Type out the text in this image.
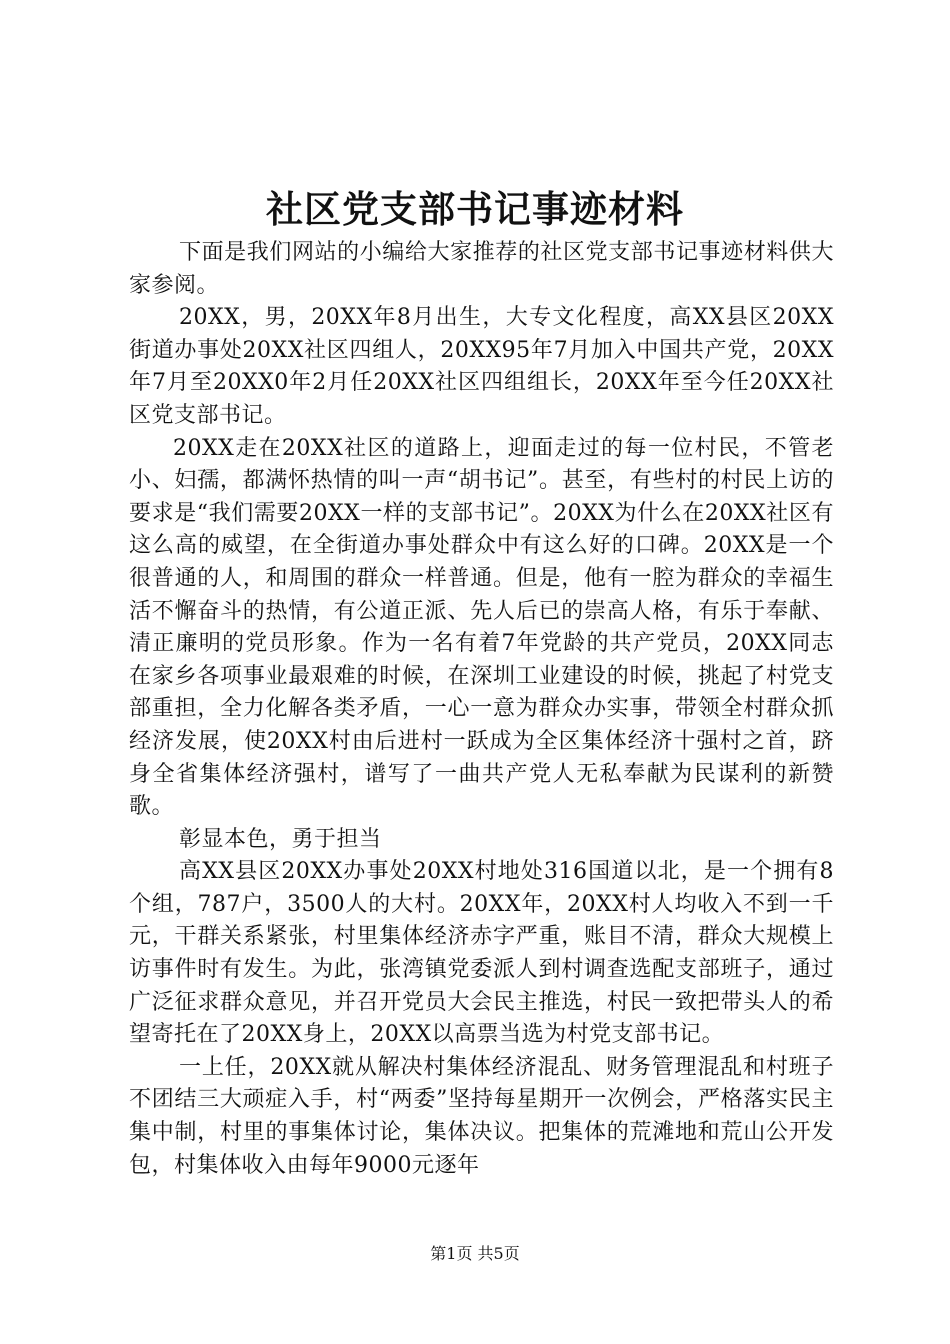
社区党支部书记事迹材料

下面是我们网站的小编给大家推荐的社区党支部书记事迹材料供大家参阅。

20XX，男，20XX年8月出生，大专文化程度，高XX县区20XX街道办事处20XX社区四组人，20XX95年7月加入中国共产党，20XX年7月至20XX0年2月任20XX社区四组组长，20XX年至今任20XX社区党支部书记。

20XX走在20XX社区的道路上，迎面走过的每一位村民，不管老小、妇孺，都满怀热情的叫一声“胡书记”。甚至，有些村的村民上访的要求是“我们需要20XX一样的支部书记”。20XX为什么在20XX社区有这么高的威望，在全街道办事处群众中有这么好的口碑。20XX是一个很普通的人，和周围的群众一样普通。但是，他有一腔为群众的幸福生活不懈奋斗的热情，有公道正派、先人后已的崇高人格，有乐于奉献、清正廉明的党员形象。作为一名有着7年党龄的共产党员，20XX同志在家乡各项事业最艰难的时候，在深圳工业建设的时候，挑起了村党支部重担，全力化解各类矛盾，一心一意为群众办实事，带领全村群众抓经济发展，使20XX村由后进村一跃成为全区集体经济十强村之首，跻身全省集体经济强村，谱写了一曲共产党人无私奉献为民谋利的新赞歌。

彰显本色，勇于担当

高XX县区20XX办事处20XX村地处316国道以北，是一个拥有8个组，787户，3500人的大村。20XX年，20XX村人均收入不到一千元，干群关系紧张，村里集体经济赤字严重，账目不清，群众大规模上访事件时有发生。为此，张湾镇党委派人到村调查选配支部班子，通过广泛征求群众意见，并召开党员大会民主推选，村民一致把带头人的希望寄托在了20XX身上，20XX以高票当选为村党支部书记。

一上任，20XX就从解决村集体经济混乱、财务管理混乱和村班子不团结三大顽症入手，村“两委”坚持每星期开一次例会，严格落实民主集中制，村里的事集体讨论，集体决议。把集体的荒滩地和荒山公开发包，村集体收入由每年9000元逐年

第1页 共5页
